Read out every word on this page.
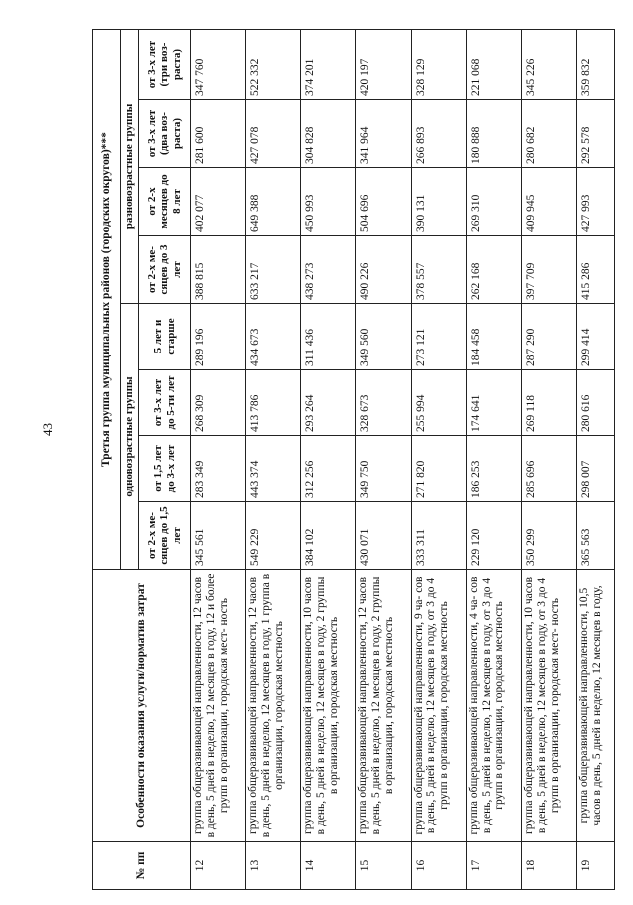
43
№ пп	Особенности оказания услуги/норматив затрат	Третья группа муниципальных районов (городских округов)***							
		одновозрастные группы				разновозрастные группы			
		от 2-х ме- сяцев до 1,5 лет	от 1,5 лет до 3-х лет	от 3-х лет до 5-ти лет	5 лет и старше	от 2-х ме- сяцев до 3 лет	от 2-х месяцев до 8 лет	от 3-х лет (два воз- раста)	от 3-х лет (три воз- раста)
12	группа общеразвивающей направленности, 12 часов в день, 5 дней в неделю, 12 месяцев в году, 12 и более групп в организации, городская мест- ность	345 561	283 349	268 309	289 196	388 815	402 077	281 600	347 760
13	группа общеразвивающей направленности, 12 часов в день, 5 дней в неделю, 12 месяцев в году, 1 группа в организации, городская местность	549 229	443 374	413 786	434 673	633 217	649 388	427 078	522 332
14	группа общеразвивающей направленности, 10 часов в день, 5 дней в неделю, 12 месяцев в году, 2 группы в организации, городская местность	384 102	312 256	293 264	311 436	438 273	450 993	304 828	374 201
15	группа общеразвивающей направленности, 12 часов в день, 5 дней в неделю, 12 месяцев в году, 2 группы в организации, городская местность	430 071	349 750	328 673	349 560	490 226	504 696	341 964	420 197
16	группа общеразвивающей направленности, 9 ча- сов в день, 5 дней в неделю, 12 месяцев в году, от 3 до 4 групп в организации, городская местность	333 311	271 820	255 994	273 121	378 557	390 131	266 893	328 129
17	группа общеразвивающей направленности, 4 ча- сов в день, 5 дней в неделю, 12 месяцев в году, от 3 до 4 групп в организации, городская местность	229 120	186 253	174 641	184 458	262 168	269 310	180 888	221 068
18	группа общеразвивающей направленности, 10 часов в день, 5 дней в неделю, 12 месяцев в году, от 3 до 4 групп в организации, городская мест- ность	350 299	285 696	269 118	287 290	397 709	409 945	280 682	345 226
19	группа общеразвивающей направленности, 10,5 часов в день, 5 дней в неделю, 12 месяцев в году,	365 563	298 007	280 616	299 414	415 286	427 993	292 578	359 832
